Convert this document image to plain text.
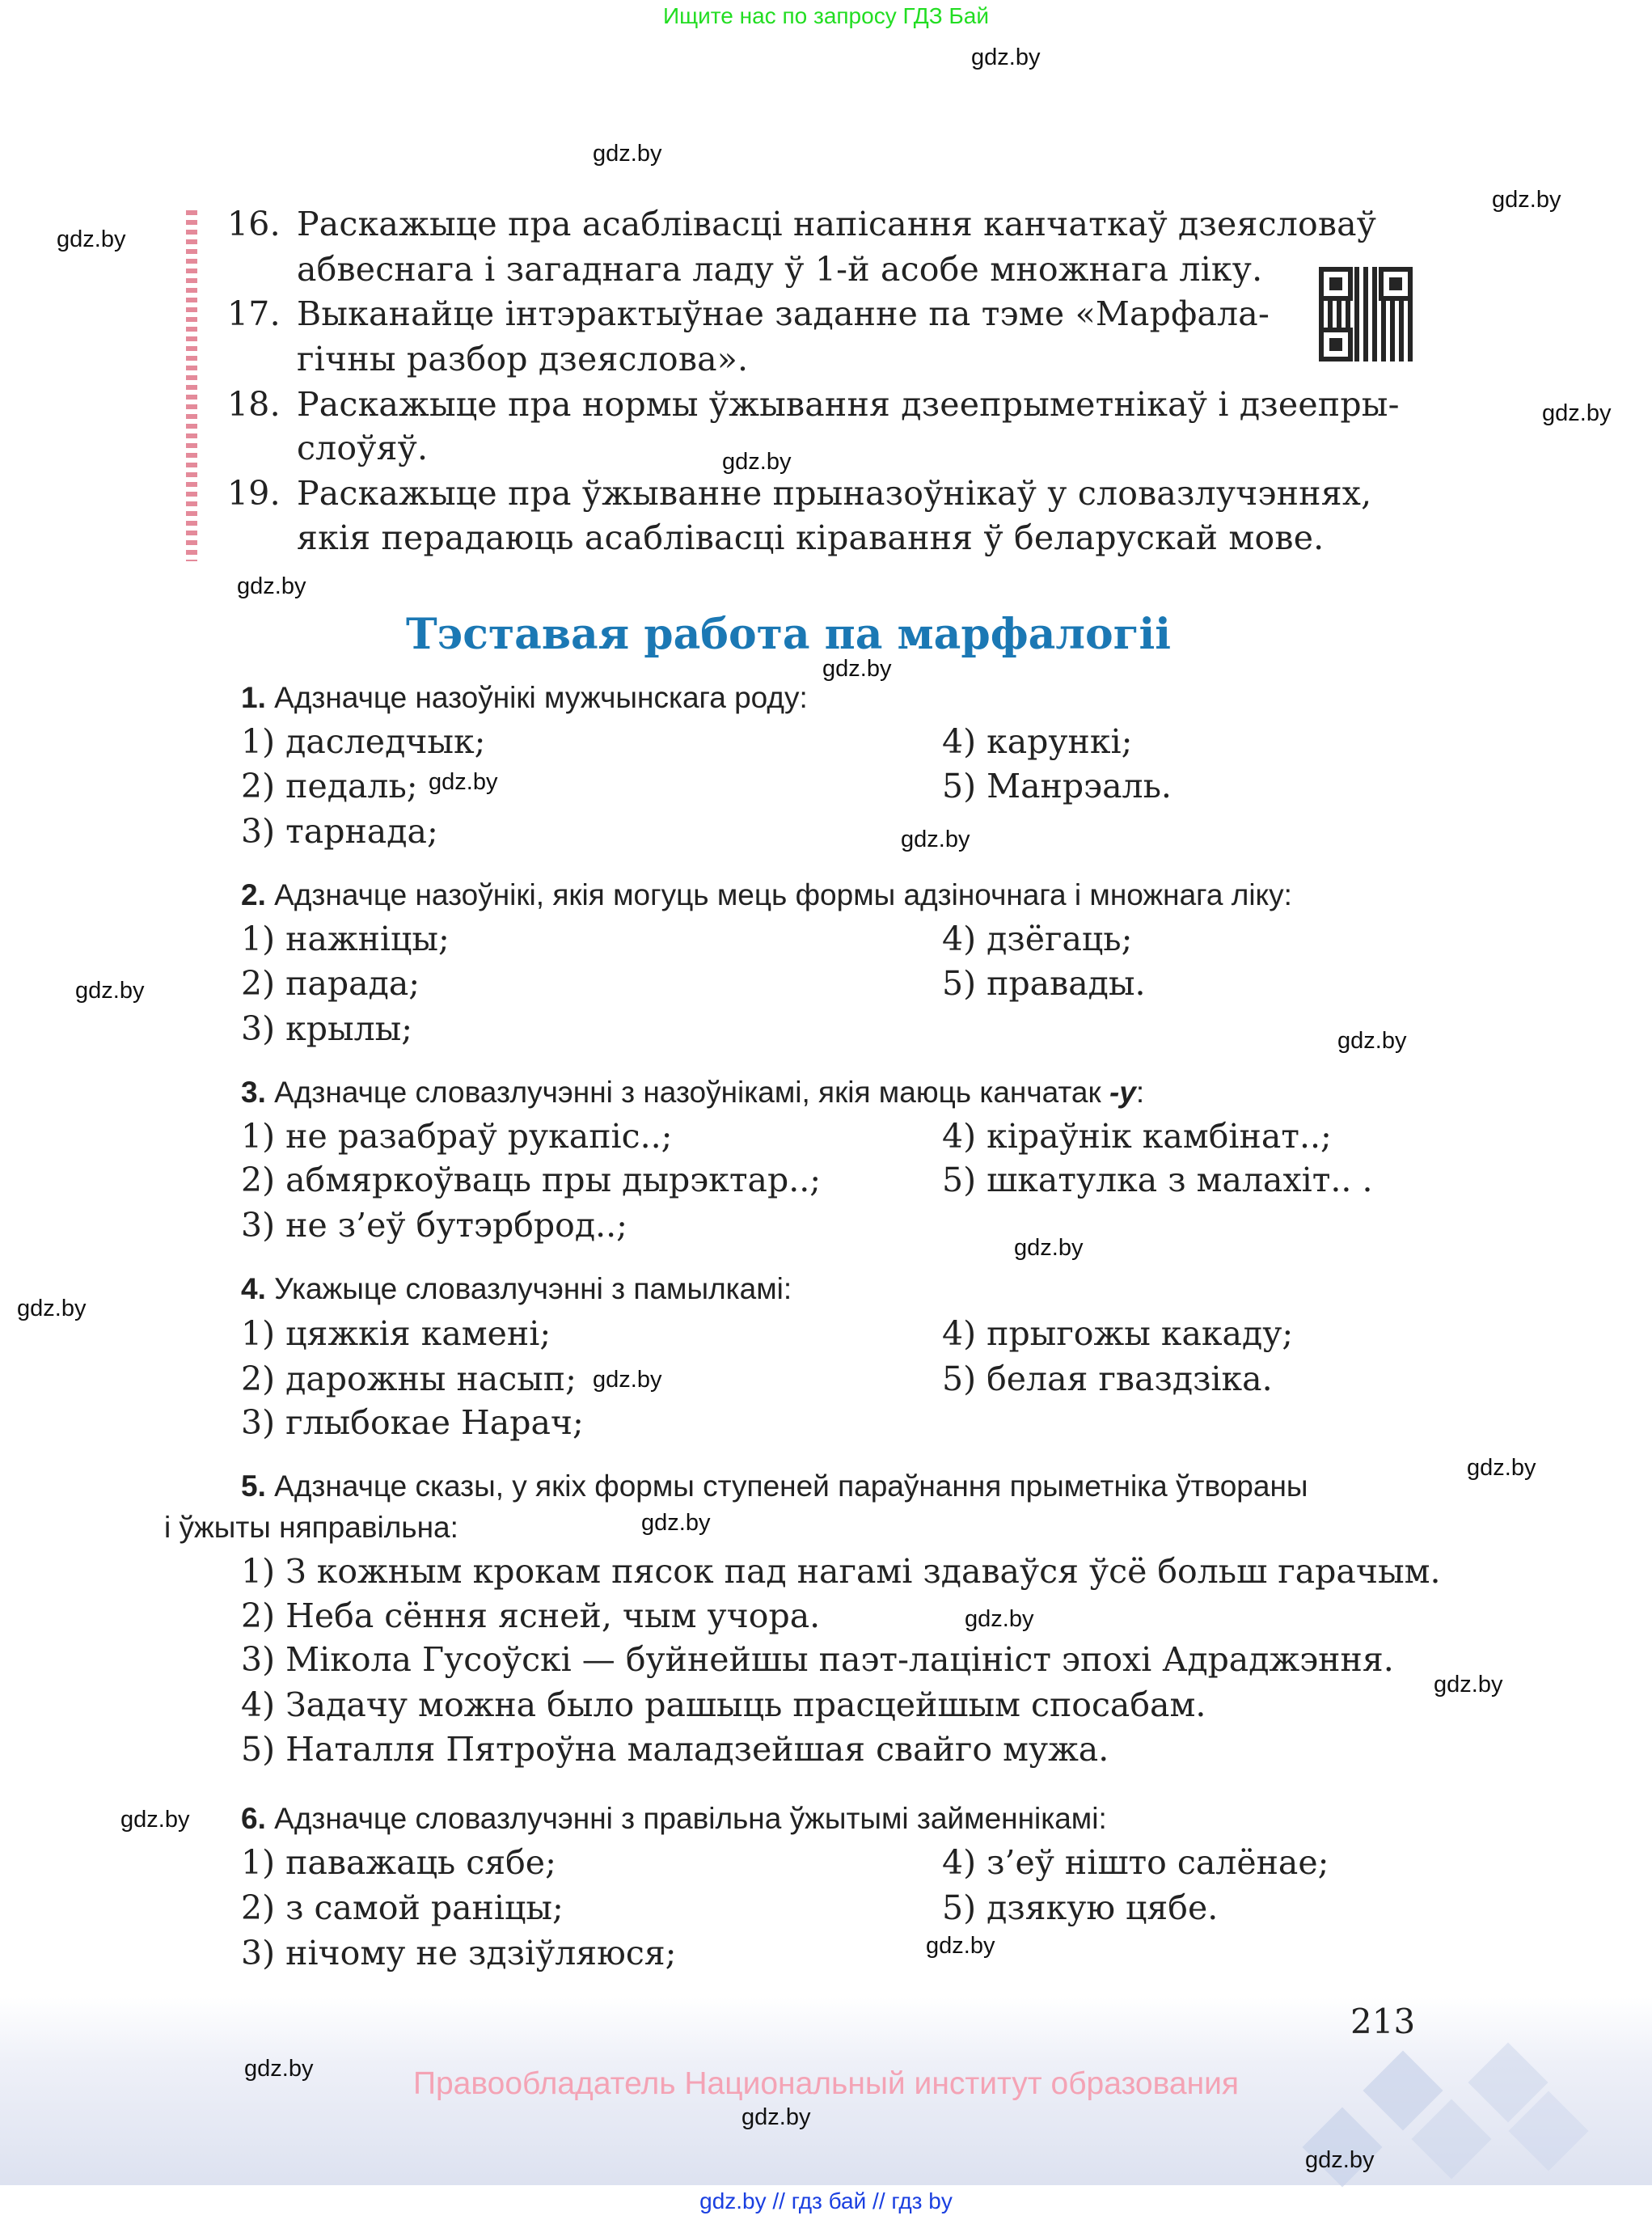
Ищите нас по запросу ГДЗ Бай
16. Раскажыце пра асаблівасці напісання канчаткаў дзеясловаў
абвеснага і загаднага ладу ў 1-й асобе множнага ліку.
17. Выканайце інтэрактыўнае заданне па тэме «Марфала-
гічны разбор дзеяслова».
18. Раскажыце пра нормы ўжывання дзеепрыметнікаў і дзеепры-
слоўяў.
19. Раскажыце пра ўжыванне прыназоўнікаў у словазлучэннях,
якія перадаюць асаблівасці кіравання ў беларускай мове.
Тэставая работа па марфалогіі
1. Адзначце назоўнікі мужчынскага роду:
1) даследчык;
2) педаль;
3) тарнада;
4) карункі;
5) Манрэаль.
2. Адзначце назоўнікі, якія могуць мець формы адзіночнага і множнага ліку:
1) нажніцы;
2) парада;
3) крылы;
4) дзёгаць;
5) правады.
3. Адзначце словазлучэнні з назоўнікамі, якія маюць канчатак -у:
1) не разабраў рукапіс..;
2) абмяркоўваць пры дырэктар..;
3) не з’еў бутэрброд..;
4) кіраўнік камбінат..;
5) шкатулка з малахіт.. .
4. Укажыце словазлучэнні з памылкамі:
1) цяжкія камені;
2) дарожны насып;
3) глыбокае Нарач;
4) прыгожы какаду;
5) белая гваздзіка.
5. Адзначце сказы, у якіх формы ступеней параўнання прыметніка ўтвораны
і ўжыты няправільна:
1) З кожным крокам пясок пад нагамі здаваўся ўсё больш гарачым.
2) Неба сёння ясней, чым учора.
3) Мікола Гусоўскі — буйнейшы паэт-лацініст эпохі Адраджэння.
4) Задачу можна было рашыць прасцейшым спосабам.
5) Наталля Пятроўна маладзейшая свайго мужа.
6. Адзначце словазлучэнні з правільна ўжытымі займеннікамі:
1) паважаць сябе;
2) з самой раніцы;
3) нічому не здзіўляюся;
4) з’еў нішто салёнае;
5) дзякую цябе.
213
Правообладатель Национальный институт образования
gdz.by // гдз бай // гдз by
gdz.by
gdz.by
gdz.by
gdz.by
gdz.by
gdz.by
gdz.by
gdz.by
gdz.by
gdz.by
gdz.by
gdz.by
gdz.by
gdz.by
gdz.by
gdz.by
gdz.by
gdz.by
gdz.by
gdz.by
gdz.by
gdz.by
gdz.by
gdz.by
